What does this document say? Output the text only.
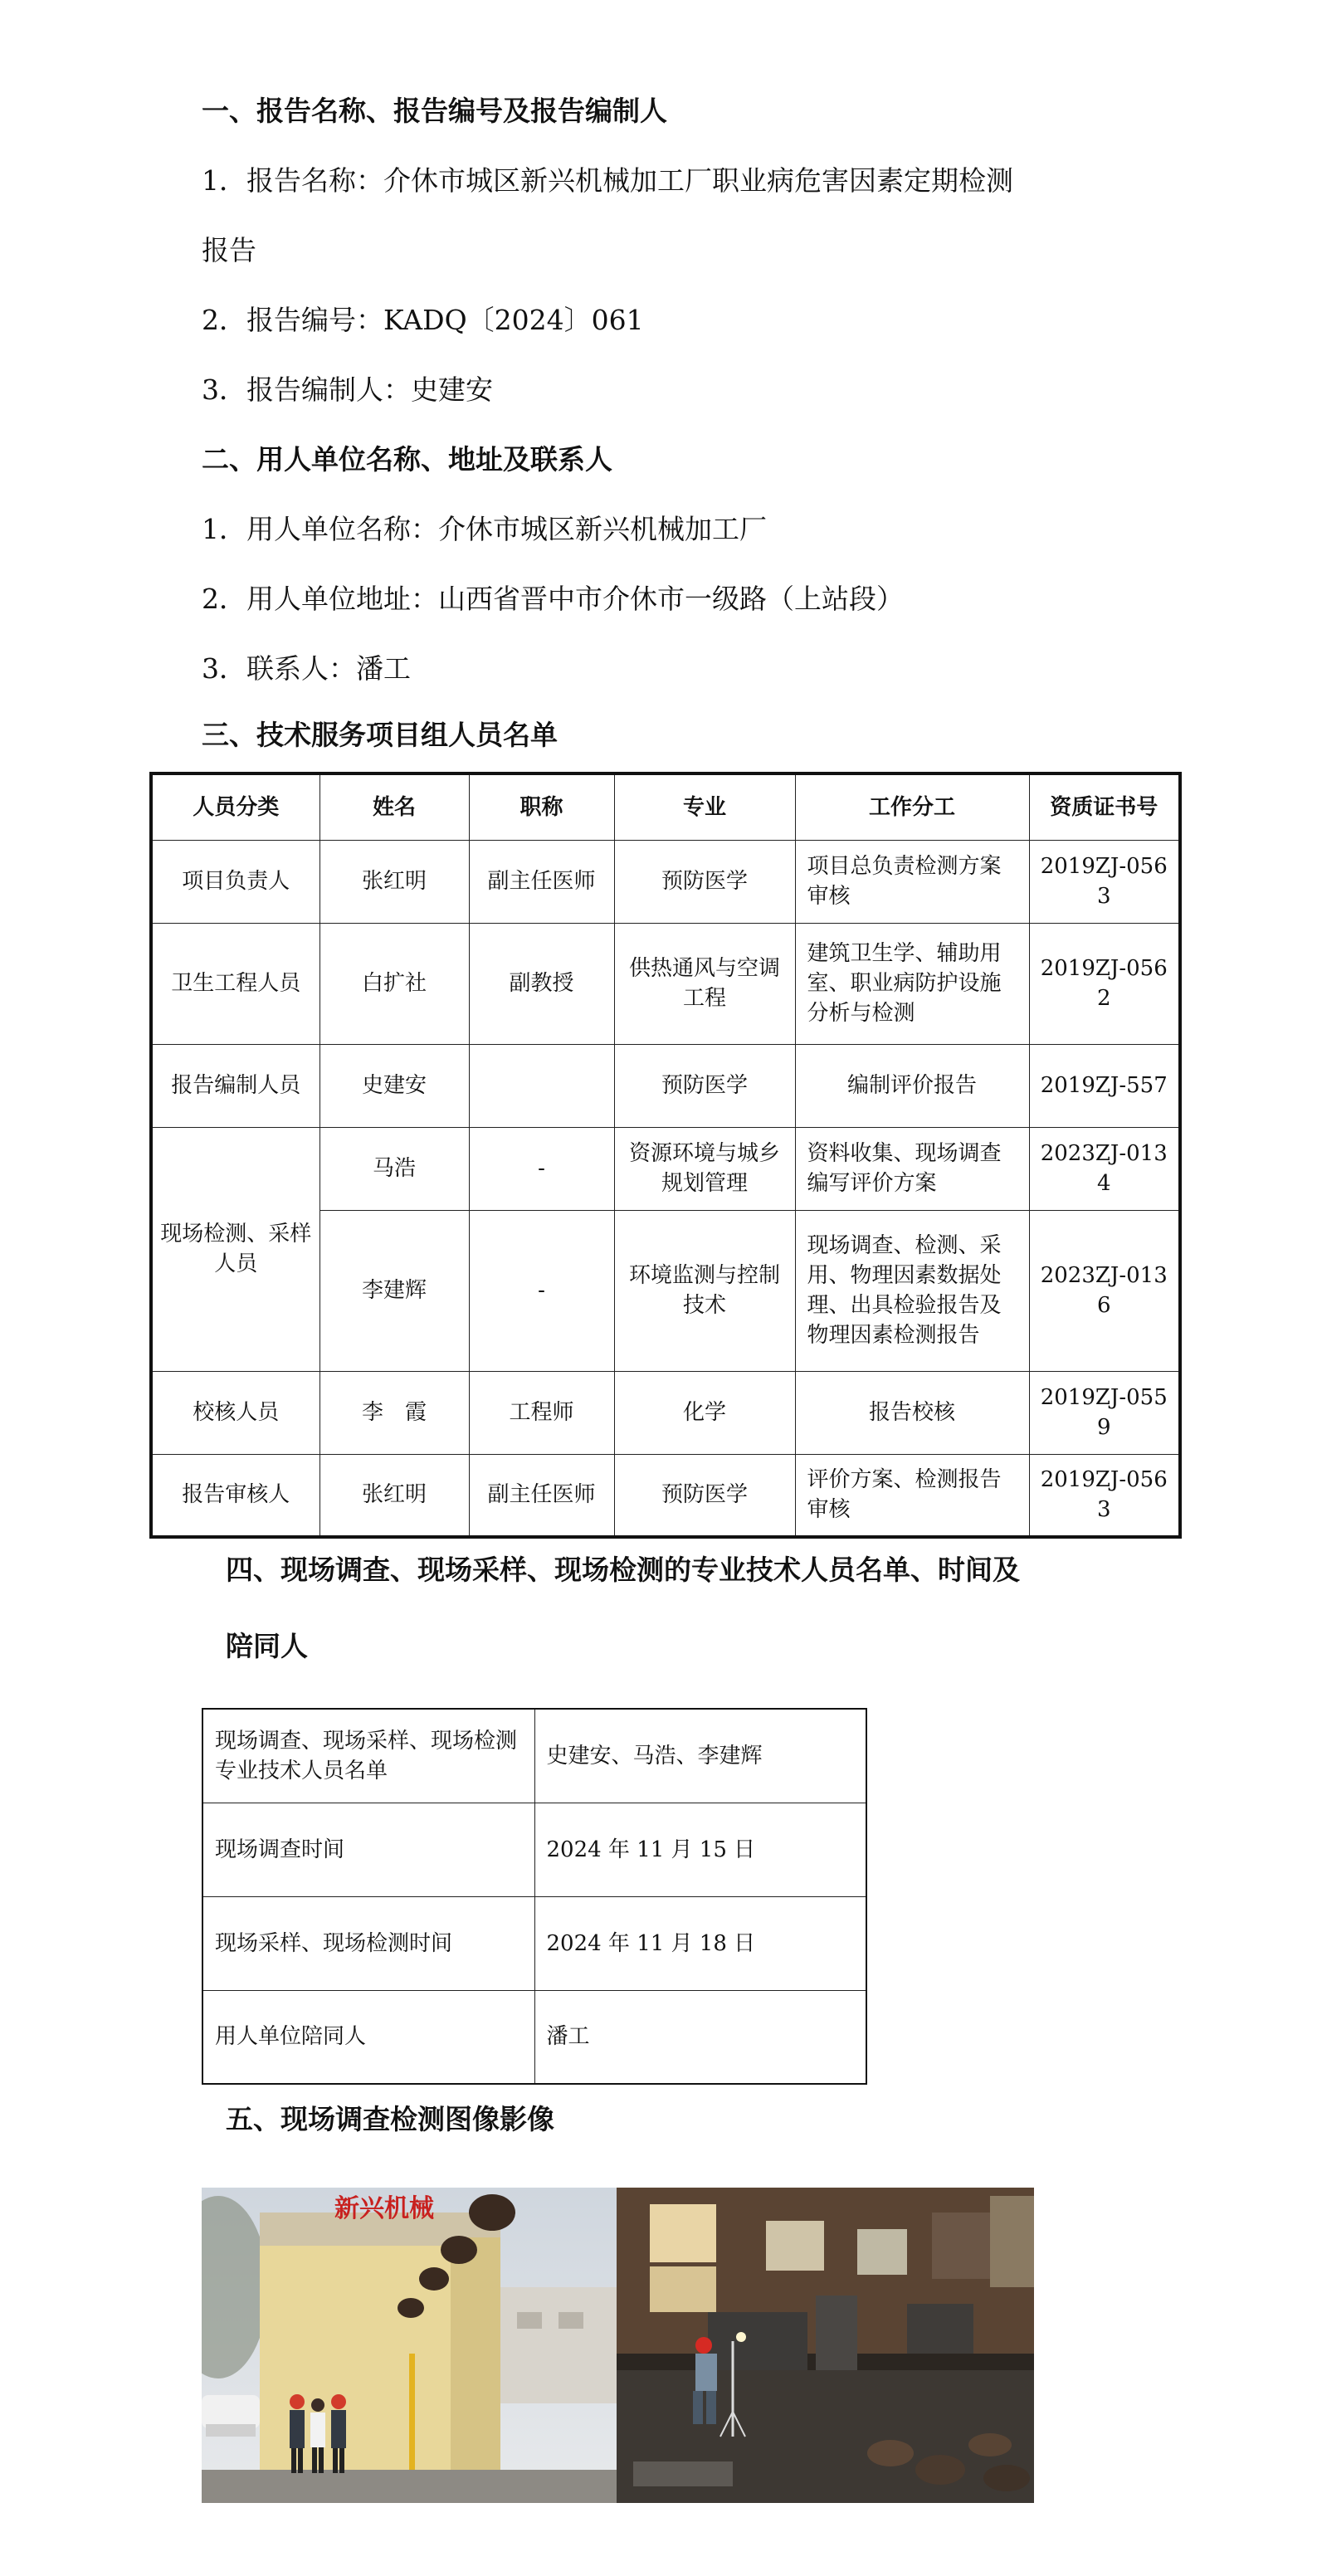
一、报告名称、报告编号及报告编制人
1．报告名称：介休市城区新兴机械加工厂职业病危害因素定期检测
报告
2．报告编号：KADQ〔2024〕061
3．报告编制人：史建安
二、用人单位名称、地址及联系人
1．用人单位名称：介休市城区新兴机械加工厂
2．用人单位地址：山西省晋中市介休市一级路（上站段）
3．联系人：潘工
三、技术服务项目组人员名单
人员分类	姓名	职称	专业	工作分工	资质证书号
项目负责人	张红明	副主任医师	预防医学	项目总负责检测方案审核	2019ZJ-0563
卫生工程人员	白扩社	副教授	供热通风与空调工程	建筑卫生学、辅助用室、职业病防护设施分析与检测	2019ZJ-0562
报告编制人员	史建安		预防医学	编制评价报告	2019ZJ-557
现场检测、采样人员	马浩	-	资源环境与城乡规划管理	资料收集、现场调查编写评价方案	2023ZJ-0134
	李建辉	-	环境监测与控制技术	现场调查、检测、采用、物理因素数据处理、出具检验报告及物理因素检测报告	2023ZJ-0136
校核人员	李　霞	工程师	化学	报告校核	2019ZJ-0559
报告审核人	张红明	副主任医师	预防医学	评价方案、检测报告审核	2019ZJ-0563
四、现场调查、现场采样、现场检测的专业技术人员名单、时间及
陪同人
现场调查、现场采样、现场检测专业技术人员名单	史建安、马浩、李建辉
现场调查时间	2024 年 11 月 15 日
现场采样、现场检测时间	2024 年 11 月 18 日
用人单位陪同人	潘工
五、现场调查检测图像影像
新兴机械
